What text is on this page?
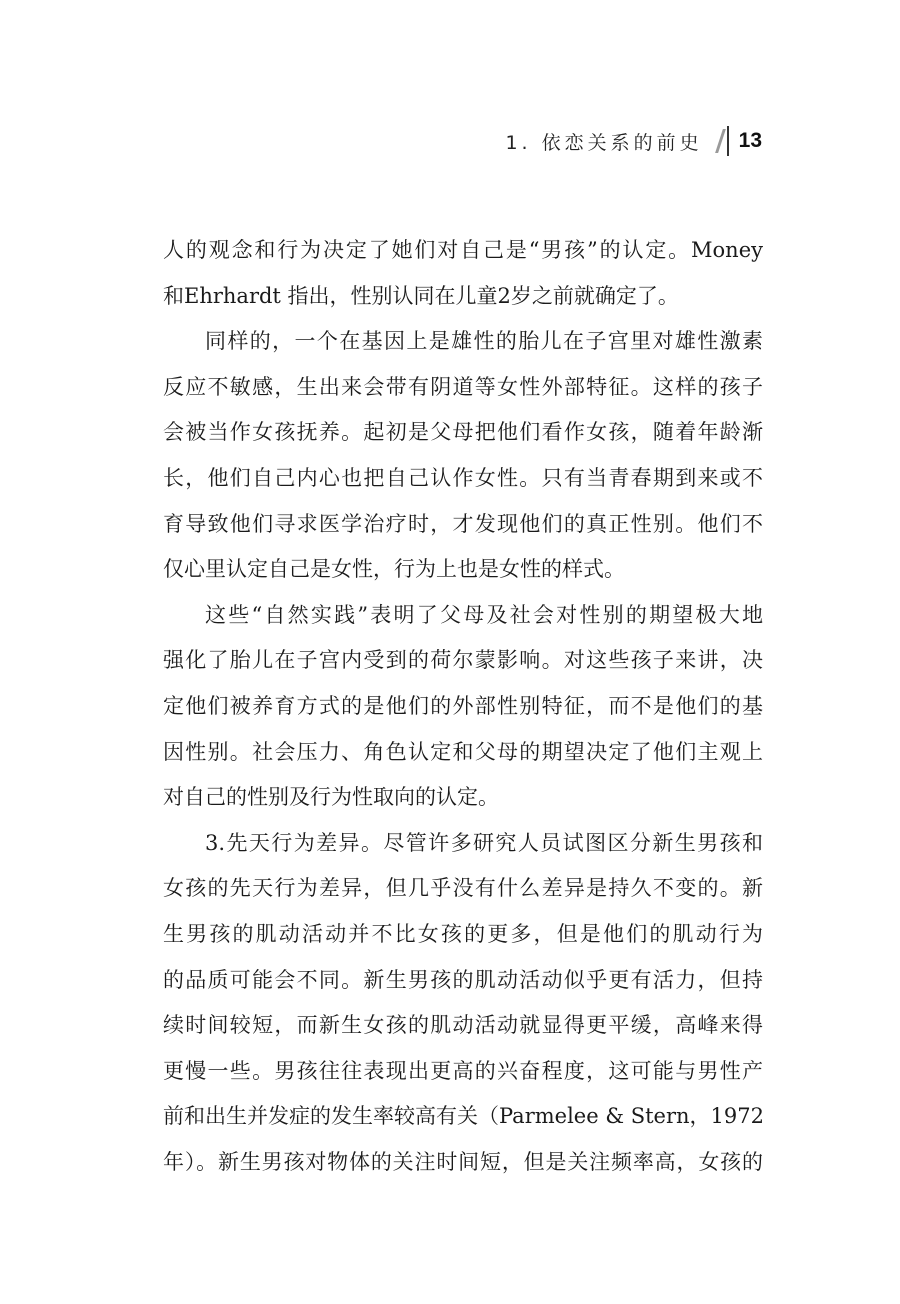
1. 依恋关系的前史 13
人的观念和行为决定了她们对自己是“男孩”的认定。Money
和Ehrhardt 指出，性别认同在儿童2岁之前就确定了。
同样的，一个在基因上是雄性的胎儿在子宫里对雄性激素
反应不敏感，生出来会带有阴道等女性外部特征。这样的孩子
会被当作女孩抚养。起初是父母把他们看作女孩，随着年龄渐
长，他们自己内心也把自己认作女性。只有当青春期到来或不
育导致他们寻求医学治疗时，才发现他们的真正性别。他们不
仅心里认定自己是女性，行为上也是女性的样式。
这些“自然实践”表明了父母及社会对性别的期望极大地
强化了胎儿在子宫内受到的荷尔蒙影响。对这些孩子来讲，决
定他们被养育方式的是他们的外部性别特征，而不是他们的基
因性别。社会压力、角色认定和父母的期望决定了他们主观上
对自己的性别及行为性取向的认定。
3.先天行为差异。尽管许多研究人员试图区分新生男孩和
女孩的先天行为差异，但几乎没有什么差异是持久不变的。新
生男孩的肌动活动并不比女孩的更多，但是他们的肌动行为
的品质可能会不同。新生男孩的肌动活动似乎更有活力，但持
续时间较短，而新生女孩的肌动活动就显得更平缓，高峰来得
更慢一些。男孩往往表现出更高的兴奋程度，这可能与男性产
前和出生并发症的发生率较高有关（Parmelee & Stern，1972
年）。新生男孩对物体的关注时间短，但是关注频率高，女孩的
